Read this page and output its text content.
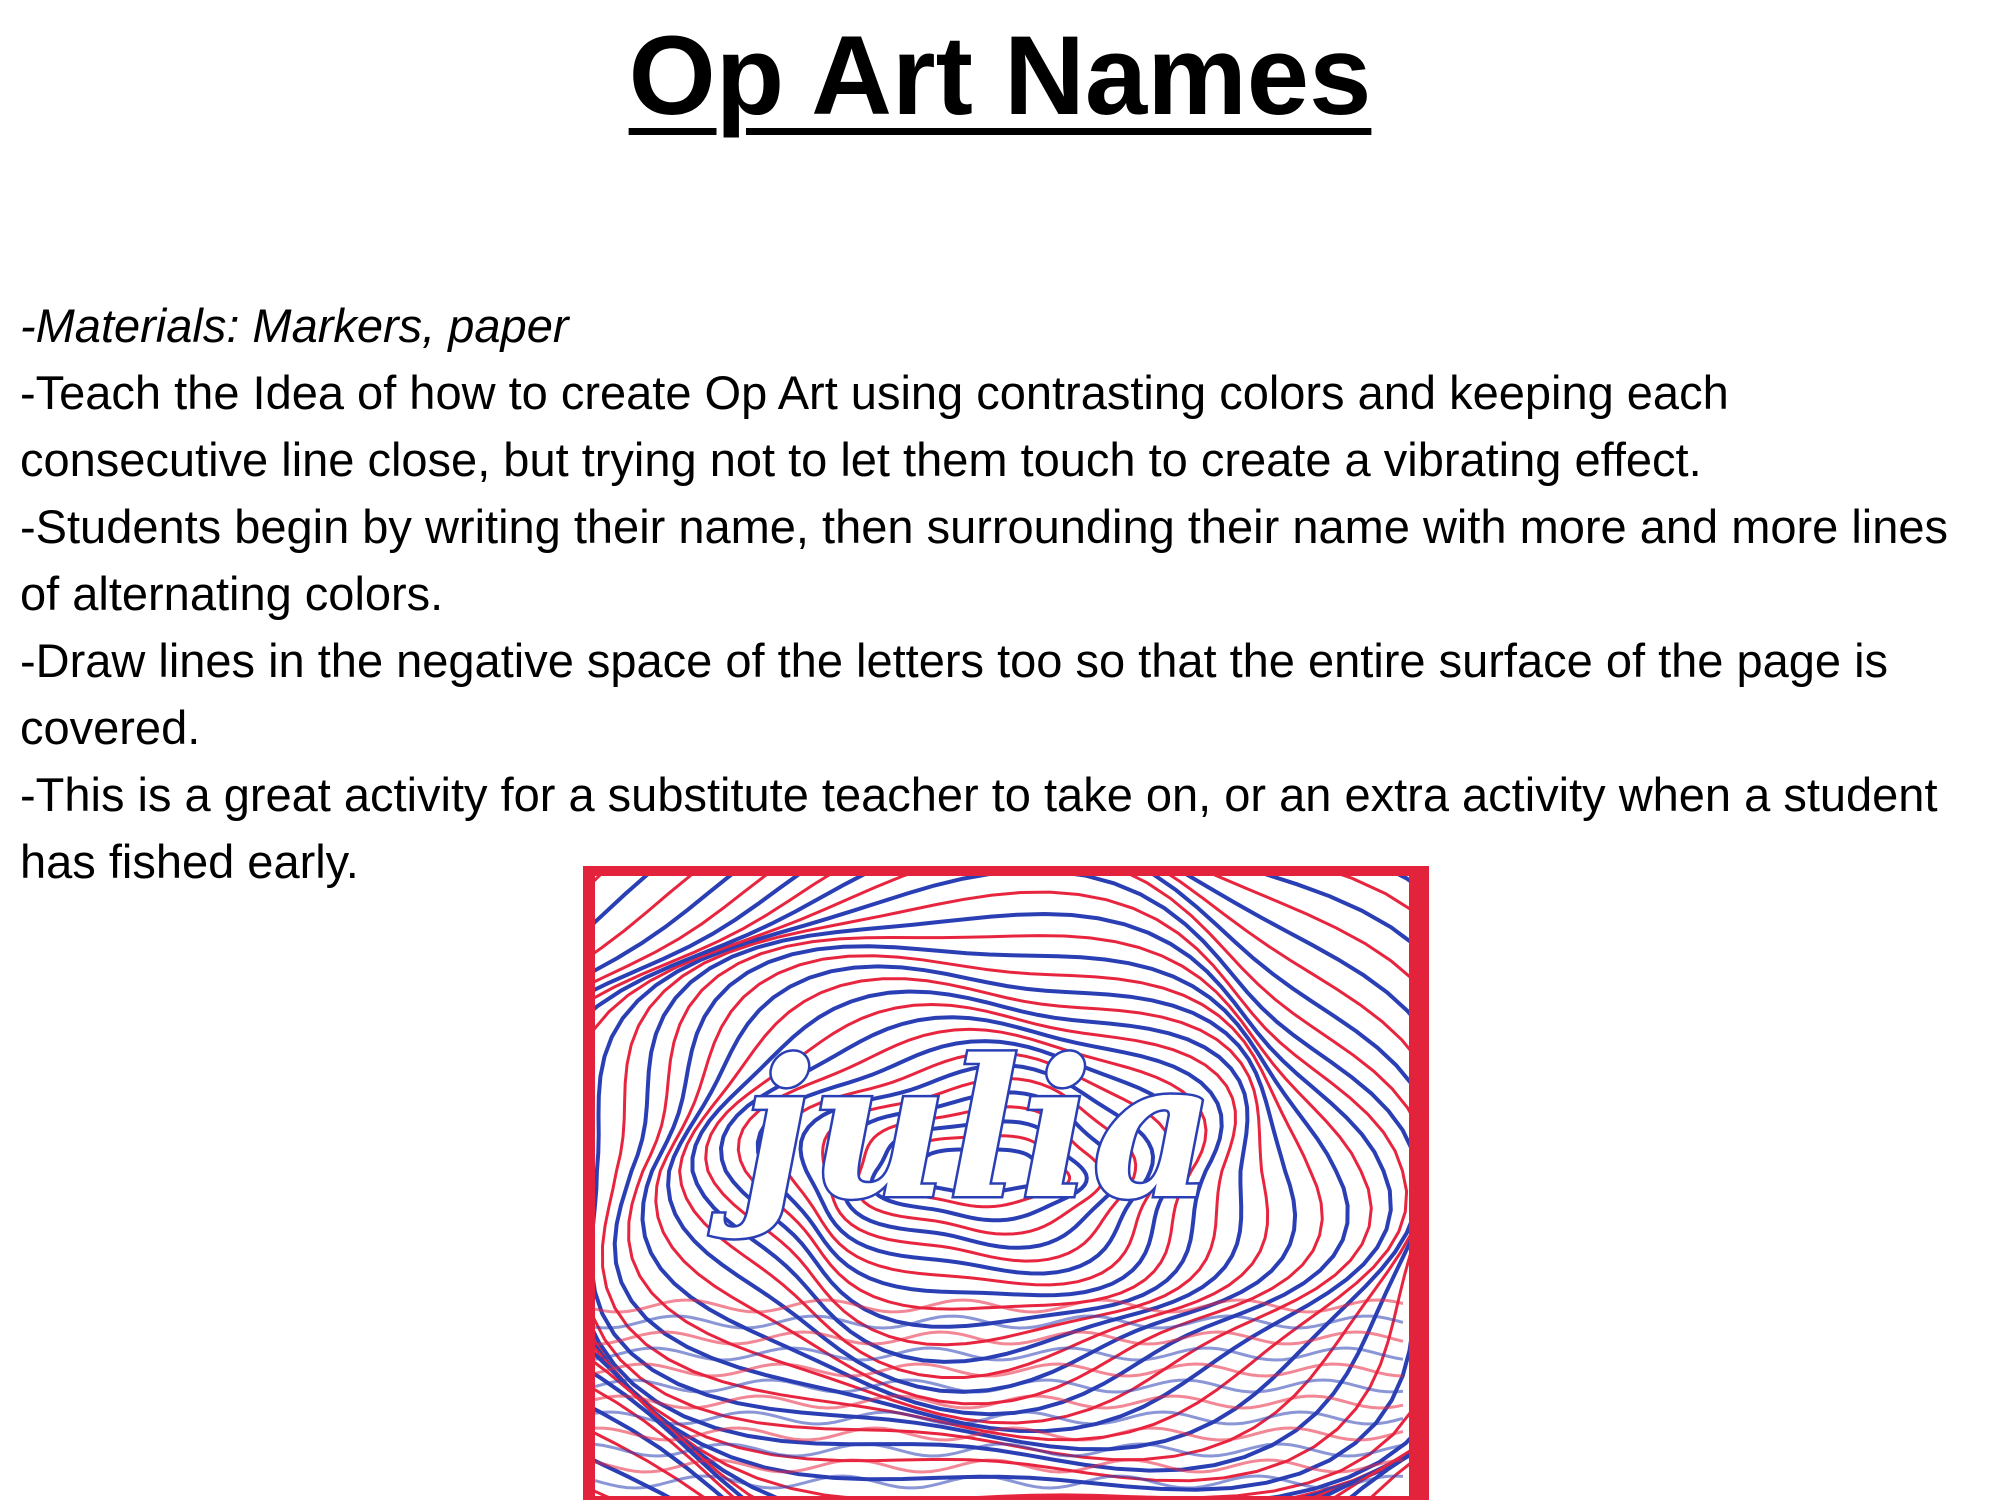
Op Art Names

-Materials: Markers, paper

-Teach the Idea of how to create Op Art using contrasting colors and keeping each consecutive line close, but trying not to let them touch to create a vibrating effect.

-Students begin by writing their name, then surrounding their name with more and more lines of alternating colors.

-Draw lines in the negative space of the letters too so that the entire surface of the page is covered.

-This is a great activity for a substitute teacher to take on, or an extra activity when a student has fished early.

julia
